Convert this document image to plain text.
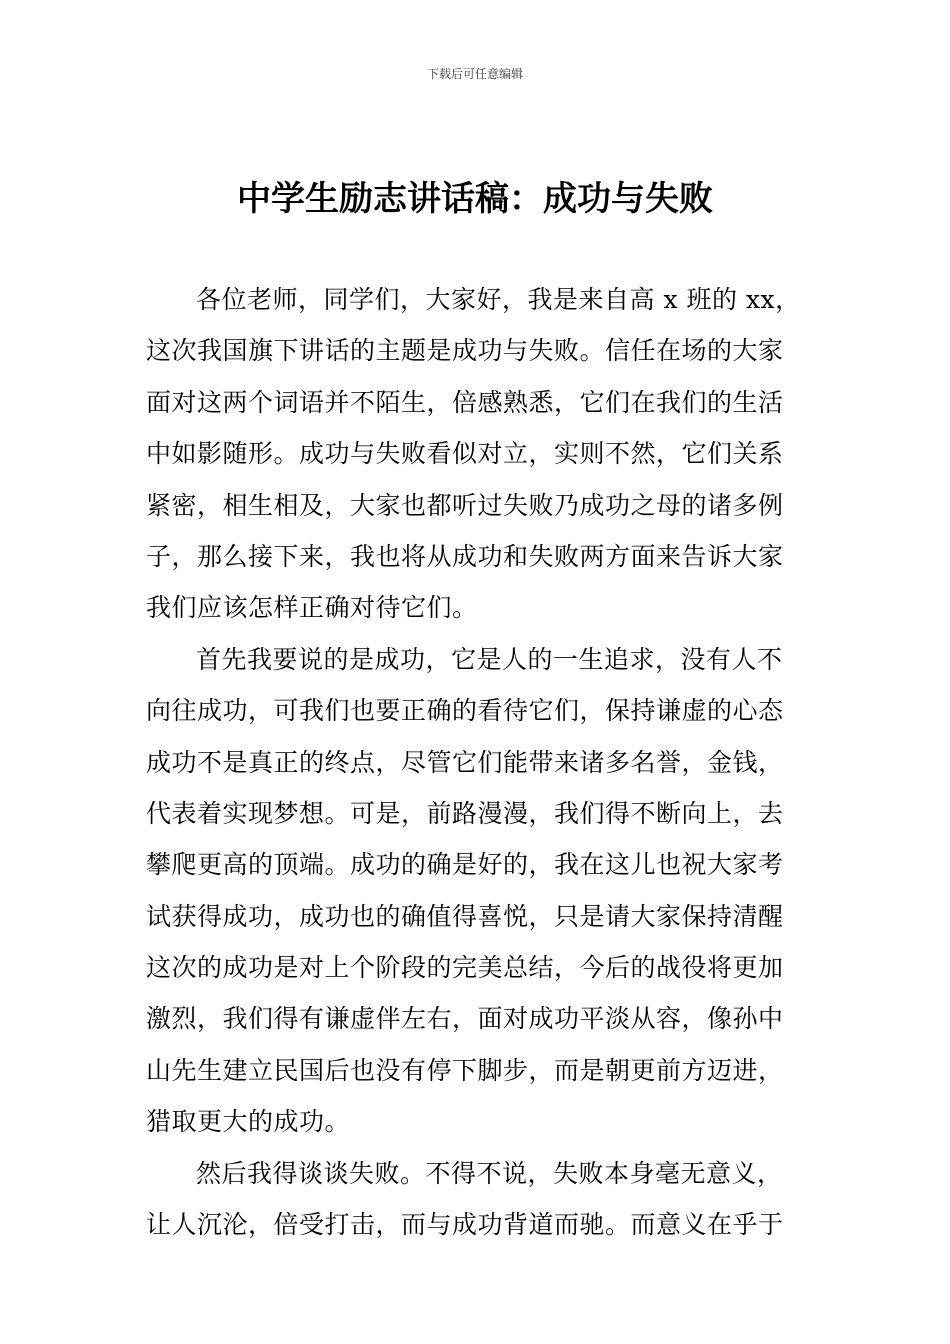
下载后可任意编辑
中学生励志讲话稿：成功与失败
各位老师，同学们，大家好，我是来自高 x 班的 xx，
这次我国旗下讲话的主题是成功与失败。信任在场的大家
面对这两个词语并不陌生，倍感熟悉，它们在我们的生活
中如影随形。成功与失败看似对立，实则不然，它们关系
紧密，相生相及，大家也都听过失败乃成功之母的诸多例
子，那么接下来，我也将从成功和失败两方面来告诉大家
我们应该怎样正确对待它们。
首先我要说的是成功，它是人的一生追求，没有人不
向往成功，可我们也要正确的看待它们，保持谦虚的心态
成功不是真正的终点，尽管它们能带来诸多名誉，金钱，
代表着实现梦想。可是，前路漫漫，我们得不断向上，去
攀爬更高的顶端。成功的确是好的，我在这儿也祝大家考
试获得成功，成功也的确值得喜悦，只是请大家保持清醒
这次的成功是对上个阶段的完美总结，今后的战役将更加
激烈，我们得有谦虚伴左右，面对成功平淡从容，像孙中
山先生建立民国后也没有停下脚步，而是朝更前方迈进，
猎取更大的成功。
然后我得谈谈失败。不得不说，失败本身毫无意义，
让人沉沦，倍受打击，而与成功背道而驰。而意义在乎于
